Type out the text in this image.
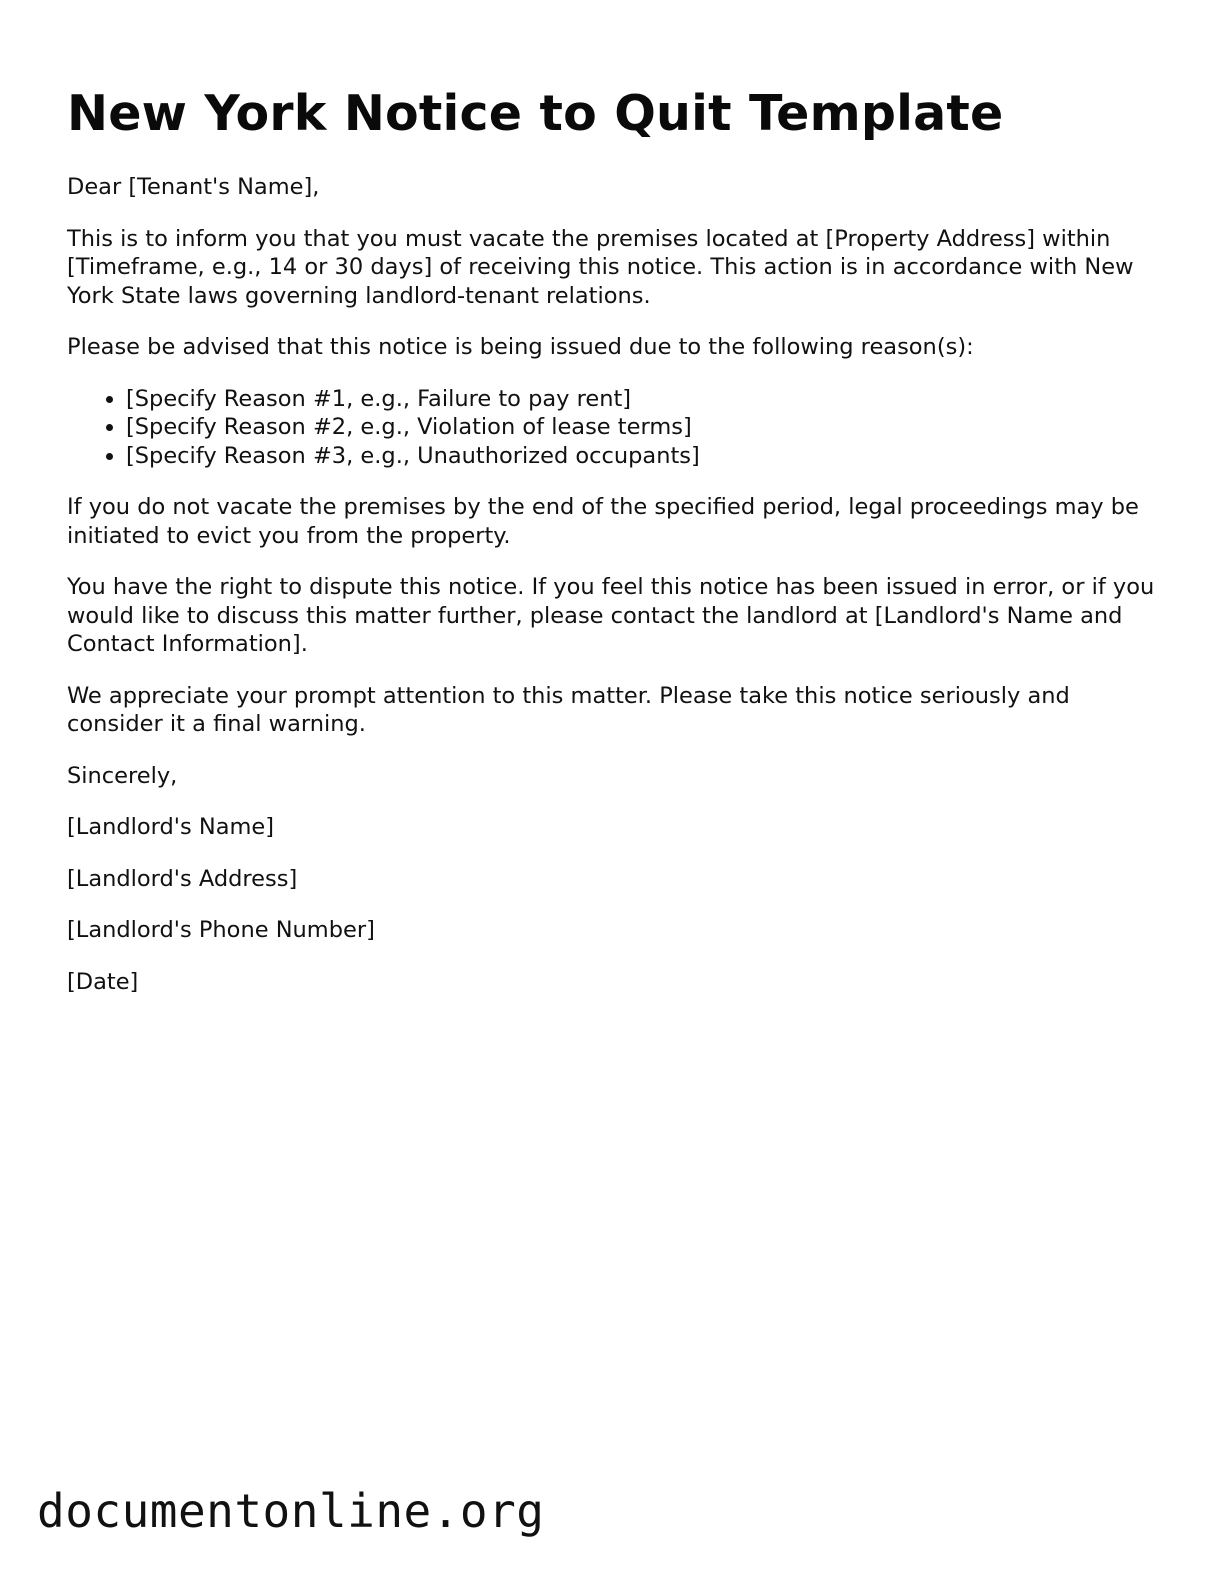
New York Notice to Quit Template

Dear [Tenant's Name],

This is to inform you that you must vacate the premises located at [Property Address] within [Timeframe, e.g., 14 or 30 days] of receiving this notice. This action is in accordance with New York State laws governing landlord-tenant relations.

Please be advised that this notice is being issued due to the following reason(s):

• [Specify Reason #1, e.g., Failure to pay rent]
• [Specify Reason #2, e.g., Violation of lease terms]
• [Specify Reason #3, e.g., Unauthorized occupants]

If you do not vacate the premises by the end of the specified period, legal proceedings may be initiated to evict you from the property.

You have the right to dispute this notice. If you feel this notice has been issued in error, or if you would like to discuss this matter further, please contact the landlord at [Landlord's Name and Contact Information].

We appreciate your prompt attention to this matter. Please take this notice seriously and consider it a final warning.

Sincerely,

[Landlord's Name]

[Landlord's Address]

[Landlord's Phone Number]

[Date]

documentonline.org
